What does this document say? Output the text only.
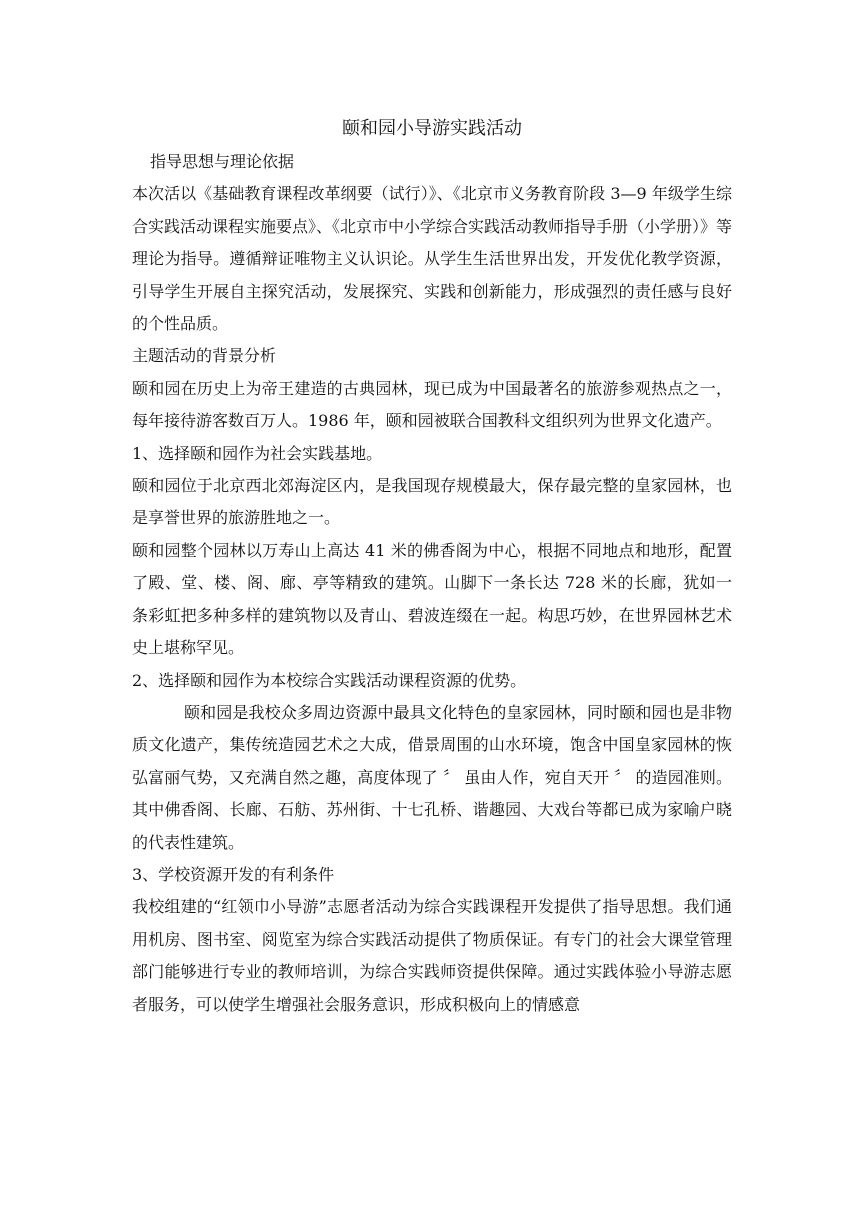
颐和园小导游实践活动

指导思想与理论依据

本次活以《基础教育课程改革纲要（试行）》、《北京市义务教育阶段 3—9 年级学生综合实践活动课程实施要点》、《北京市中小学综合实践活动教师指导手册（小学册）》等理论为指导。遵循辩证唯物主义认识论。从学生生活世界出发，开发优化教学资源，引导学生开展自主探究活动，发展探究、实践和创新能力，形成强烈的责任感与良好的个性品质。

主题活动的背景分析

颐和园在历史上为帝王建造的古典园林，现已成为中国最著名的旅游参观热点之一，每年接待游客数百万人。1986 年，颐和园被联合国教科文组织列为世界文化遗产。

1、选择颐和园作为社会实践基地。

颐和园位于北京西北郊海淀区内，是我国现存规模最大，保存最完整的皇家园林，也是享誉世界的旅游胜地之一。

颐和园整个园林以万寿山上高达 41 米的佛香阁为中心，根据不同地点和地形，配置了殿、堂、楼、阁、廊、亭等精致的建筑。山脚下一条长达 728 米的长廊，犹如一条彩虹把多种多样的建筑物以及青山、碧波连缀在一起。构思巧妙，在世界园林艺术史上堪称罕见。

2、选择颐和园作为本校综合实践活动课程资源的优势。

颐和园是我校众多周边资源中最具文化特色的皇家园林，同时颐和园也是非物质文化遗产，集传统造园艺术之大成，借景周围的山水环境，饱含中国皇家园林的恢弘富丽气势，又充满自然之趣，高度体现了 〞 虽由人作，宛自天开 〞 的造园准则。其中佛香阁、长廊、石舫、苏州街、十七孔桥、谐趣园、大戏台等都已成为家喻户晓的代表性建筑。

3、学校资源开发的有利条件

我校组建的“红领巾小导游”志愿者活动为综合实践课程开发提供了指导思想。我们通用机房、图书室、阅览室为综合实践活动提供了物质保证。有专门的社会大课堂管理部门能够进行专业的教师培训，为综合实践师资提供保障。通过实践体验小导游志愿者服务，可以使学生增强社会服务意识，形成积极向上的情感意
